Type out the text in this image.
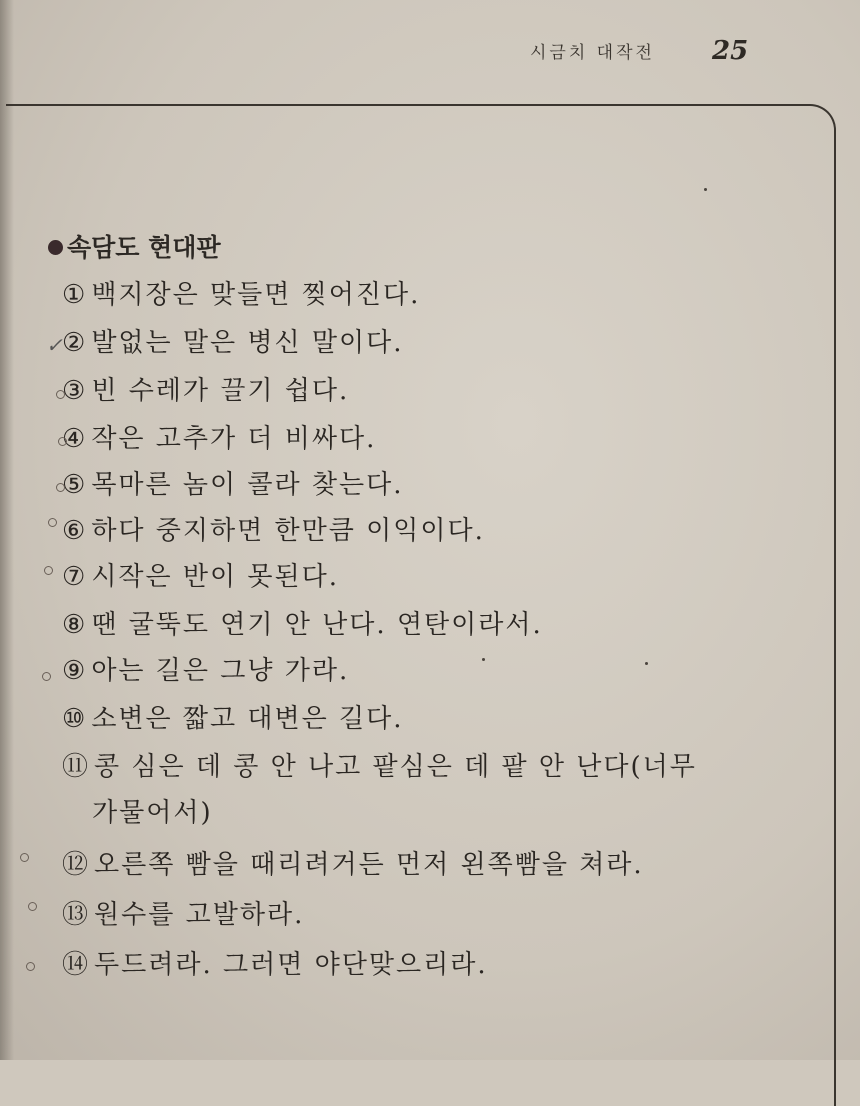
시금치 대작전 25
속담도 현대판
✓
① 백지장은 맞들면 찢어진다.
② 발없는 말은 병신 말이다.
③ 빈 수레가 끌기 쉽다.
④ 작은 고추가 더 비싸다.
⑤ 목마른 놈이 콜라 찾는다.
⑥ 하다 중지하면 한만큼 이익이다.
⑦ 시작은 반이 못된다.
⑧ 땐 굴뚝도 연기 안 난다. 연탄이라서.
⑨ 아는 길은 그냥 가라.
⑩ 소변은 짧고 대변은 길다.
⑪ 콩 심은 데 콩 안 나고 팥심은 데 팥 안 난다(너무
가물어서)
⑫ 오른쪽 빰을 때리려거든 먼저 왼쪽빰을 쳐라.
⑬ 원수를 고발하라.
⑭ 두드려라. 그러면 야단맞으리라.
